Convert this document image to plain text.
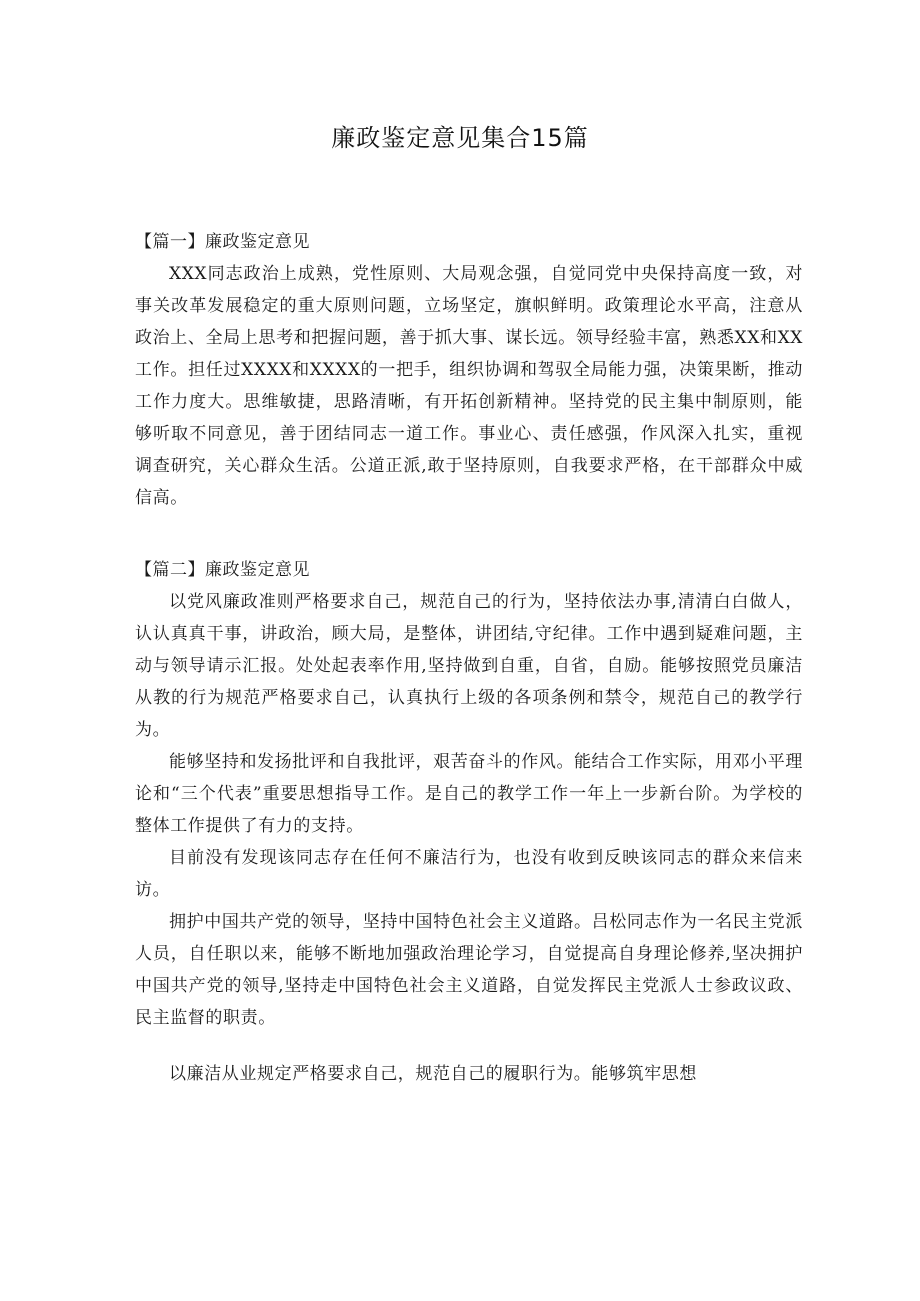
廉政鉴定意见集合15篇

【篇一】廉政鉴定意见

XXX同志政治上成熟，党性原则、大局观念强，自觉同党中央保持高度一致，对事关改革发展稳定的重大原则问题，立场坚定，旗帜鲜明。政策理论水平高，注意从政治上、全局上思考和把握问题，善于抓大事、谋长远。领导经验丰富，熟悉XX和XX工作。担任过XXXX和XXXX的一把手，组织协调和驾驭全局能力强，决策果断，推动工作力度大。思维敏捷，思路清晰，有开拓创新精神。坚持党的民主集中制原则，能够听取不同意见，善于团结同志一道工作。事业心、责任感强，作风深入扎实，重视调查研究，关心群众生活。公道正派,敢于坚持原则，自我要求严格，在干部群众中威信高。

【篇二】廉政鉴定意见

以党风廉政准则严格要求自己，规范自己的行为，坚持依法办事,清清白白做人，认认真真干事，讲政治，顾大局，是整体，讲团结,守纪律。工作中遇到疑难问题，主动与领导请示汇报。处处起表率作用,坚持做到自重，自省，自励。能够按照党员廉洁从教的行为规范严格要求自己，认真执行上级的各项条例和禁令，规范自己的教学行为。

能够坚持和发扬批评和自我批评，艰苦奋斗的作风。能结合工作实际，用邓小平理论和“三个代表”重要思想指导工作。是自己的教学工作一年上一步新台阶。为学校的整体工作提供了有力的支持。

目前没有发现该同志存在任何不廉洁行为，也没有收到反映该同志的群众来信来访。

拥护中国共产党的领导，坚持中国特色社会主义道路。吕松同志作为一名民主党派人员，自任职以来，能够不断地加强政治理论学习，自觉提高自身理论修养,坚决拥护中国共产党的领导,坚持走中国特色社会主义道路，自觉发挥民主党派人士参政议政、民主监督的职责。

以廉洁从业规定严格要求自己，规范自己的履职行为。能够筑牢思想
